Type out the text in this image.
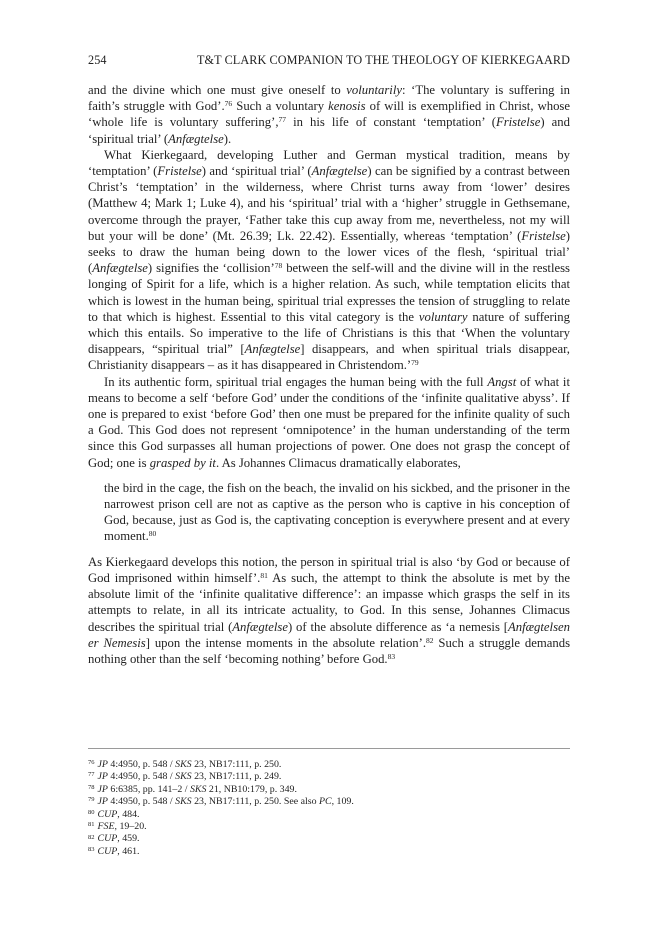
254	T&T CLARK COMPANION TO THE THEOLOGY OF KIERKEGAARD

and the divine which one must give oneself to voluntarily: ‘The voluntary is suffering in faith’s struggle with God’.$^{76}$ Such a voluntary kenosis of will is exemplified in Christ, whose ‘whole life is voluntary suffering’,$^{77}$ in his life of constant ‘temptation’ (Fristelse) and ‘spiritual trial’ (Anfægtelse).

What Kierkegaard, developing Luther and German mystical tradition, means by ‘temptation’ (Fristelse) and ‘spiritual trial’ (Anfægtelse) can be signified by a contrast between Christ’s ‘temptation’ in the wilderness, where Christ turns away from ‘lower’ desires (Matthew 4; Mark 1; Luke 4), and his ‘spiritual’ trial with a ‘higher’ struggle in Gethsemane, overcome through the prayer, ‘Father take this cup away from me, nevertheless, not my will but your will be done’ (Mt. 26.39; Lk. 22.42). Essentially, whereas ‘temptation’ (Fristelse) seeks to draw the human being down to the lower vices of the flesh, ‘spiritual trial’ (Anfægtelse) signifies the ‘collision’$^{78}$ between the self-will and the divine will in the restless longing of Spirit for a life, which is a higher relation. As such, while temptation elicits that which is lowest in the human being, spiritual trial expresses the tension of struggling to relate to that which is highest. Essential to this vital category is the voluntary nature of suffering which this entails. So imperative to the life of Christians is this that ‘When the voluntary disappears, “spiritual trial” [Anfægtelse] disappears, and when spiritual trials disappear, Christianity disappears – as it has disappeared in Christendom.’$^{79}$

In its authentic form, spiritual trial engages the human being with the full Angst of what it means to become a self ‘before God’ under the conditions of the ‘infinite qualitative abyss’. If one is prepared to exist ‘before God’ then one must be prepared for the infinite quality of such a God. This God does not represent ‘omnipotence’ in the human understanding of the term since this God surpasses all human projections of power. One does not grasp the concept of God; one is grasped by it. As Johannes Climacus dramatically elaborates,

the bird in the cage, the fish on the beach, the invalid on his sickbed, and the prisoner in the narrowest prison cell are not as captive as the person who is captive in his conception of God, because, just as God is, the captivating conception is everywhere present and at every moment.$^{80}$

As Kierkegaard develops this notion, the person in spiritual trial is also ‘by God or because of God imprisoned within himself’.$^{81}$ As such, the attempt to think the absolute is met by the absolute limit of the ‘infinite qualitative difference’: an impasse which grasps the self in its attempts to relate, in all its intricate actuality, to God. In this sense, Johannes Climacus describes the spiritual trial (Anfægtelse) of the absolute difference as ‘a nemesis [Anfægtelsen er Nemesis] upon the intense moments in the absolute relation’.$^{82}$ Such a struggle demands nothing other than the self ‘becoming nothing’ before God.$^{83}$

$^{76}$ JP 4:4950, p. 548 / SKS 23, NB17:111, p. 250.
$^{77}$ JP 4:4950, p. 548 / SKS 23, NB17:111, p. 249.
$^{78}$ JP 6:6385, pp. 141–2 / SKS 21, NB10:179, p. 349.
$^{79}$ JP 4:4950, p. 548 / SKS 23, NB17:111, p. 250. See also PC, 109.
$^{80}$ CUP, 484.
$^{81}$ FSE, 19–20.
$^{82}$ CUP, 459.
$^{83}$ CUP, 461.
